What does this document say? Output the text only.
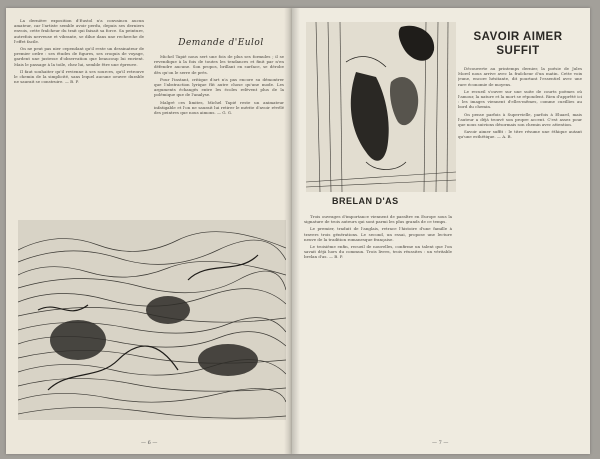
La dernière exposition d'Eustol n'a convaincu aucun amateur, car l'artiste semble avoir perdu, depuis ses derniers envois, cette fraîcheur du trait qui faisait sa force. Sa peinture, autrefois nerveuse et vibrante, se dilue dans une recherche de l'effet facile.

On ne peut pas nier cependant qu'il reste un dessinateur de premier ordre : ses études de figures, ses croquis de voyage, gardent une justesse d'observation que beaucoup lui envient. Mais le passage à la toile, chez lui, semble être une épreuve.

Il faut souhaiter qu'il revienne à ses sources, qu'il retrouve le chemin de la simplicité, sans lequel aucune oeuvre durable ne saurait se construire. — B. P.

Demande d'Eulol

Michel Tapié nous sert une fois de plus ses formules ; il se revendique à la fois de toutes les tendances et finit par n'en défendre aucune. Son propos, brillant en surface, se dérobe dès qu'on le serre de près.

Pour l'instant, critique d'art n'a pas encore su démontrer que l'abstraction lyrique fût autre chose qu'une mode. Les arguments échangés entre les écoles relèvent plus de la polémique que de l'analyse.

Malgré ces limites, Michel Tapié reste un animateur infatigable et l'on ne saurait lui retirer le mérite d'avoir révélé des peintres que nous aimons. — G. G.

— 6 —
SAVOIR AIMER SUFFIT

Découverte au printemps dernier, la poésie de Jules Morel nous arrive avec la fraîcheur d'un matin. Cette voix jeune, encore hésitante, dit pourtant l'essentiel avec une rare économie de moyens.

Le recueil s'ouvre sur une suite de courts poèmes où l'amour, la nature et la mort se répondent. Rien d'apprêté ici : les images viennent d'elles-mêmes, comme cueillies au bord du chemin.

On pense parfois à Supervielle, parfois à Eluard, mais l'auteur a déjà trouvé son propre accent. C'est assez pour que nous suivions désormais son chemin avec attention.

Savoir aimer suffit : le titre résume une éthique autant qu'une esthétique. — A. B.

BRELAN D'AS

Trois ouvrages d'importance viennent de paraître en Europe sous la signature de trois auteurs qui sont parmi les plus grands de ce temps.

Le premier, traduit de l'anglais, retrace l'histoire d'une famille à travers trois générations. Le second, un essai, propose une lecture neuve de la tradition romanesque française.

Le troisième enfin, recueil de nouvelles, confirme un talent que l'on savait déjà hors du commun. Trois livres, trois réussites : un véritable brelan d'as. — B. P.

— 7 —
